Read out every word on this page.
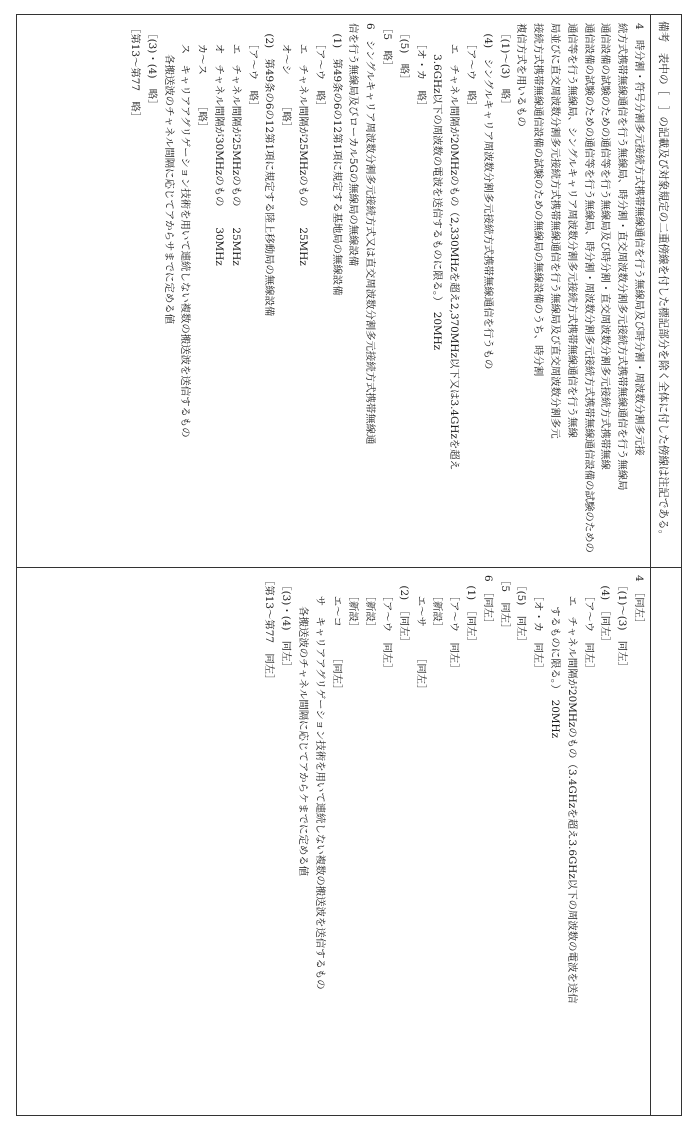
備考　表中の［　］の記載及び対象規定の二重傍線を付した標記部分を除く全体に付した傍線は注記である。

4　時分割・符号分割多元接続方式携帯無線通信を行う無線局及び時分割・周波数分割多元接

続方式携帯無線通信を行う無線局、時分割・直交周波数分割多元接続方式携帯無線通信を行う無線局

通信設備の試験のための通信等を行う無線局及び時分割・直交周波数分割多元接続方式携帯無線

通信設備の試験のための通信等を行う無線局、時分割・周波数分割多元接続方式携帯無線通信設備の試験のための

通信等を行う無線局、シングルキャリア周波数分割多元接続方式携帯無線通信を行う無線

局並びに直交周波数分割多元接続方式携帯無線通信を行う無線局及び直交周波数分割多元

接続方式携帯無線通信設備の試験のための無線局の無線設備のうち、時分割

複信方式を用いるもの

　［(1)～(3)　略］

　(4)　シングルキャリア周波数分割多元接続方式携帯無線通信を行うもの

　　［ア～ウ　略］

　　エ　チャネル間隔が20MHzのもの（2,330MHzを超え2,370MHz以下又は3.4GHzを超え

　　　3.6GHz以下の周波数の電波を送信するものに限る。）　20MHz

　　［オ・カ　略］

　［(5)　略］

［5　略］

6　シングルキャリア周波数分割多元接続方式又は直交周波数分割多元接続方式携帯無線通

信を行う無線局及びローカル5Gの無線局の無線設備

　(1)　第49条の6の12第1項に規定する基地局の無線設備

　　［ア～ウ　略］

　　エ　チャネル間隔が25MHzのもの　　25MHz

　　オ～シ　　　［略］

　(2)　第49条の6の12第1項に規定する陸上移動局の無線設備

　　［ア～ウ　略］

　　エ　チャネル間隔が25MHzのもの　　25MHz

　　オ　チャネル間隔が30MHzのもの　　30MHz

　　カ～ス　　　［略］

　　ス　キャリアアグリゲーション技術を用いて連続しない複数の搬送波を送信するもの

　　　各搬送波のチャネル間隔に応じてアからサまでに定める値

　［(3)・(4)　略］

［第13～第77　略］

4　［同左］

　［(1)～(3)　同左］

　(4)　［同左］

　　［ア～ウ　同左］

　　エ　チャネル間隔が20MHzのもの（3.4GHzを超え3.6GHz以下の周波数の電波を送信

　　　するものに限る。）　20MHz

　　［オ・カ　同左］

　［(5)　同左］

［5　同左］

6　［同左］

　(1)　［同左］

　　［ア～ウ　同左］

　　［新設］

　　エ～サ　　　［同左］

　(2)　［同左］

　　［ア～ウ　同左］

　　［新設］

　　［新設］

　　エ～コ　　　［同左］

　　サ　キャリアアグリゲーション技術を用いて連続しない複数の搬送波を送信するもの

　　　各搬送波のチャネル間隔に応じてアからケまでに定める値

　［(3)・(4)　同左］

［第13～第77　同左］
